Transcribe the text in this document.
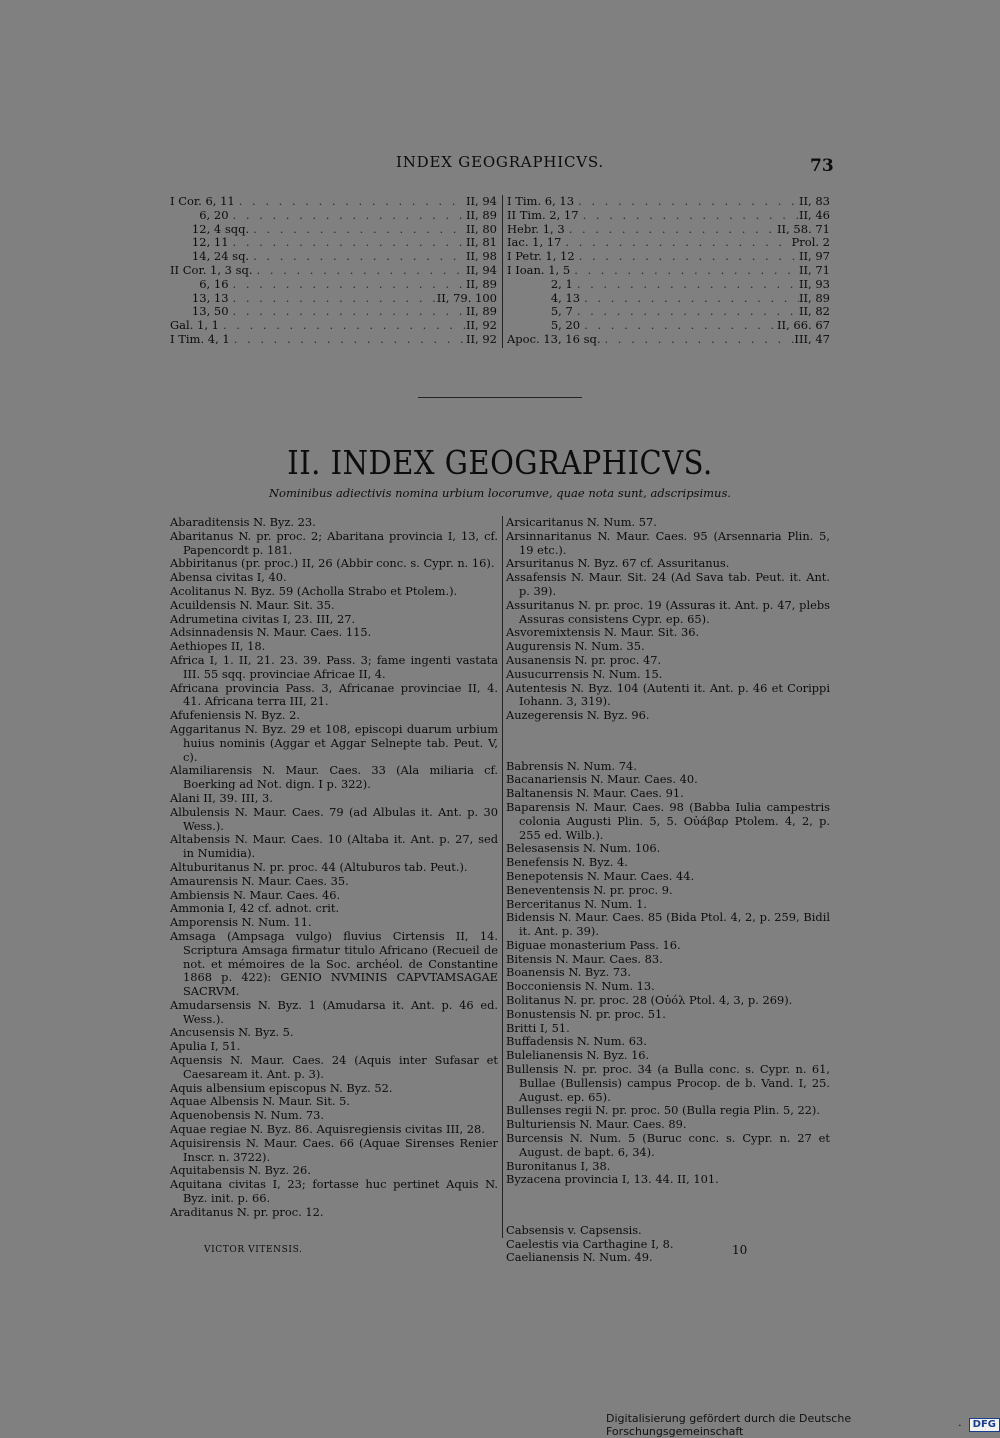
INDEX GEOGRAPHICVS.	73
I Cor. 6, 11 . . .	II, 94
6, 20 . . .	II, 89
12, 4 sqq. . . .	II, 80
12, 11 . . .	II, 81
14, 24 sq. . . .	II, 98
II Cor. 1, 3 sq. . . .	II, 94
6, 16 . . .	II, 89
13, 13 . . .	II, 79. 100
13, 50 . . .	II, 89
Gal. 1, 1 . . .	II, 92
I Tim. 4, 1 . . .	II, 92
I Tim. 6, 13 . . .	II, 83
II Tim. 2, 17 . . .	II, 46
Hebr. 1, 3 . . .	II, 58. 71
Iac. 1, 17 . . .	Prol. 2
I Petr. 1, 12 . . .	II, 97
I Ioan. 1, 5 . . .	II, 71
2, 1 . . .	II, 93
4, 13 . . .	II, 89
5, 7 . . .	II, 82
5, 20 . . .	II, 66. 67
Apoc. 13, 16 sq. . . .	III, 47
II. INDEX GEOGRAPHICVS.
Nominibus adiectivis nomina urbium locorumve, quae nota sunt, adscripsimus.

Abaraditensis N. Byz. 23.

Abaritanus N. pr. proc. 2; Abaritana provincia I, 13, cf. Papencordt p. 181.

Abbiritanus (pr. proc.) II, 26 (Abbir conc. s. Cypr. n. 16).

Abensa civitas I, 40.

Acolitanus N. Byz. 59 (Acholla Strabo et Ptolem.).

Acuildensis N. Maur. Sit. 35.

Adrumetina civitas I, 23. III, 27.

Adsinnadensis N. Maur. Caes. 115.

Aethiopes II, 18.

Africa I, 1. II, 21. 23. 39. Pass. 3; fame ingenti vastata III. 55 sqq. provinciae Africae II, 4.

Africana provincia Pass. 3, Africanae provinciae II, 4. 41. Africana terra III, 21.

Afufeniensis N. Byz. 2.

Aggaritanus N. Byz. 29 et 108, episcopi duarum urbium huius nominis (Aggar et Aggar Selnepte tab. Peut. V, c).

Alamiliarensis N. Maur. Caes. 33 (Ala miliaria cf. Boerking ad Not. dign. I p. 322).

Alani II, 39. III, 3.

Albulensis N. Maur. Caes. 79 (ad Albulas it. Ant. p. 30 Wess.).

Altabensis N. Maur. Caes. 10 (Altaba it. Ant. p. 27, sed in Numidia).

Altuburitanus N. pr. proc. 44 (Altuburos tab. Peut.).

Amaurensis N. Maur. Caes. 35.

Ambiensis N. Maur. Caes. 46.

Ammonia I, 42 cf. adnot. crit.

Amporensis N. Num. 11.

Amsaga (Ampsaga vulgo) fluvius Cirtensis II, 14. Scriptura Amsaga firmatur titulo Africano (Recueil de not. et mémoires de la Soc. archéol. de Constantine 1868 p. 422): GENIO NVMINIS CAPVTAMSAGAE SACRVM.

Amudarsensis N. Byz. 1 (Amudarsa it. Ant. p. 46 ed. Wess.).

Ancusensis N. Byz. 5.

Apulia I, 51.

Aquensis N. Maur. Caes. 24 (Aquis inter Sufasar et Caesaream it. Ant. p. 3).

Aquis albensium episcopus N. Byz. 52.

Aquae Albensis N. Maur. Sit. 5.

Aquenobensis N. Num. 73.

Aquae regiae N. Byz. 86. Aquisregiensis civitas III, 28.

Aquisirensis N. Maur. Caes. 66 (Aquae Sirenses Renier Inscr. n. 3722).

Aquitabensis N. Byz. 26.

Aquitana civitas I, 23; fortasse huc pertinet Aquis N. Byz. init. p. 66.

Araditanus N. pr. proc. 12.

Arsicaritanus N. Num. 57.

Arsinnaritanus N. Maur. Caes. 95 (Arsennaria Plin. 5, 19 etc.).

Arsuritanus N. Byz. 67 cf. Assuritanus.

Assafensis N. Maur. Sit. 24 (Ad Sava tab. Peut. it. Ant. p. 39).

Assuritanus N. pr. proc. 19 (Assuras it. Ant. p. 47, plebs Assuras consistens Cypr. ep. 65).

Asvoremixtensis N. Maur. Sit. 36.

Augurensis N. Num. 35.

Ausanensis N. pr. proc. 47.

Ausucurrensis N. Num. 15.

Autentesis N. Byz. 104 (Autenti it. Ant. p. 46 et Corippi Iohann. 3, 319).

Auzegerensis N. Byz. 96.

Babrensis N. Num. 74.

Bacanariensis N. Maur. Caes. 40.

Baltanensis N. Maur. Caes. 91.

Baparensis N. Maur. Caes. 98 (Babba Iulia campestris colonia Augusti Plin. 5, 5. Οὐάβαρ Ptolem. 4, 2, p. 255 ed. Wilb.).

Belesasensis N. Num. 106.

Benefensis N. Byz. 4.

Benepotensis N. Maur. Caes. 44.

Beneventensis N. pr. proc. 9.

Berceritanus N. Num. 1.

Bidensis N. Maur. Caes. 85 (Bida Ptol. 4, 2, p. 259, Bidil it. Ant. p. 39).

Biguae monasterium Pass. 16.

Bitensis N. Maur. Caes. 83.

Boanensis N. Byz. 73.

Bocconiensis N. Num. 13.

Bolitanus N. pr. proc. 28 (Οὐόλ Ptol. 4, 3, p. 269).

Bonustensis N. pr. proc. 51.

Britti I, 51.

Buffadensis N. Num. 63.

Bulelianensis N. Byz. 16.

Bullensis N. pr. proc. 34 (a Bulla conc. s. Cypr. n. 61, Bullae (Bullensis) campus Procop. de b. Vand. I, 25. August. ep. 65).

Bullenses regii N. pr. proc. 50 (Bulla regia Plin. 5, 22).

Bulturiensis N. Maur. Caes. 89.

Burcensis N. Num. 5 (Buruc conc. s. Cypr. n. 27 et August. de bapt. 6, 34).

Buronitanus I, 38.

Byzacena provincia I, 13. 44. II, 101.

Cabsensis v. Capsensis.

Caelestis via Carthagine I, 8.

Caelianensis N. Num. 49.

VICTOR VITENSIS.	10
Digitalisierung gefördert durch die Deutsche Forschungsgemeinschaft	·	DFG
